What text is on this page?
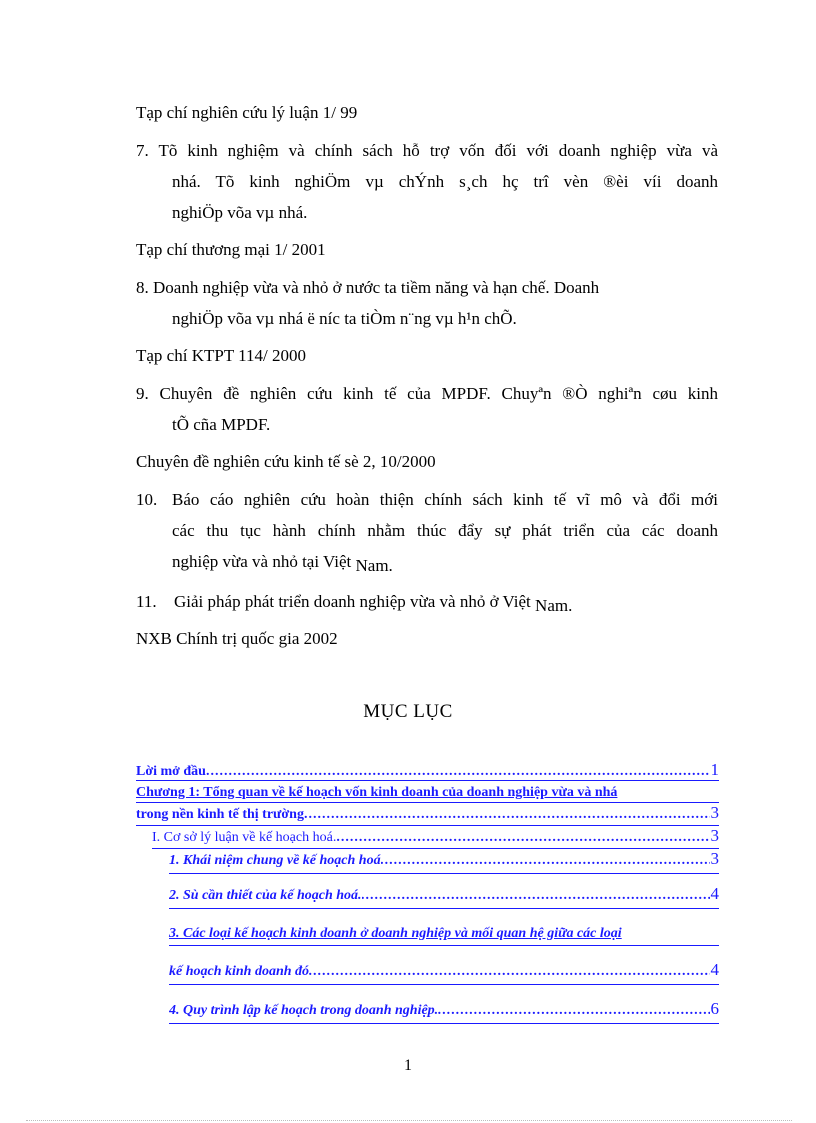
Tạp chí nghiên cứu lý luận 1/ 99
7. Tõ kinh nghiệm và chính sách hỗ trợ vốn đối với doanh nghiệp vừa và
nhá. Tõ kinh nghiÖm vµ chÝnh s¸ch hç trî vèn ®èi víi doanh
nghiÖp võa vµ nhá.
Tạp chí thương mại 1/ 2001
8. Doanh nghiệp vừa và nhỏ ở nước ta tiềm năng và hạn chế. Doanh
nghiÖp võa vµ nhá ë níc ta tiÒm n¨ng vµ h¹n chÕ.
Tạp chí KTPT 114/ 2000
9. Chuyên đề nghiên cứu kinh tế của MPDF. Chuyªn ®Ò nghiªn cøu kinh
tÕ cña MPDF.
Chuyên đề nghiên cứu kinh tế sè 2, 10/2000
10. Báo cáo nghiên cứu hoàn thiện chính sách kinh tế vĩ mô và đổi mới
các thu tục hành chính nhằm thúc đẩy sự phát triển của các doanh
nghiệp vừa và nhỏ tại Việt Nam.
11. Giải pháp phát triển doanh nghiệp vừa và nhỏ ở Việt Nam.
NXB Chính trị quốc gia 2002
MỤC LỤC
Lời mở đầu .....	1
Chương 1: Tổng quan về kế hoạch vốn kinh doanh của doanh nghiệp vừa và nhá
trong nền kinh tế thị trường .....	3
I. Cơ sở lý luận về kế hoạch hoá. .....	3
1. Khái niệm chung về kế hoạch hoá .....	3
2. Sù cần thiết của kế hoạch hoá. .....	4
3. Các loại kế hoạch kinh doanh ở doanh nghiệp và mối quan hệ giữa các loại
kế hoạch kinh doanh đó .....	4
4. Quy trình lập kế hoạch trong doanh nghiệp. .....	6
1
